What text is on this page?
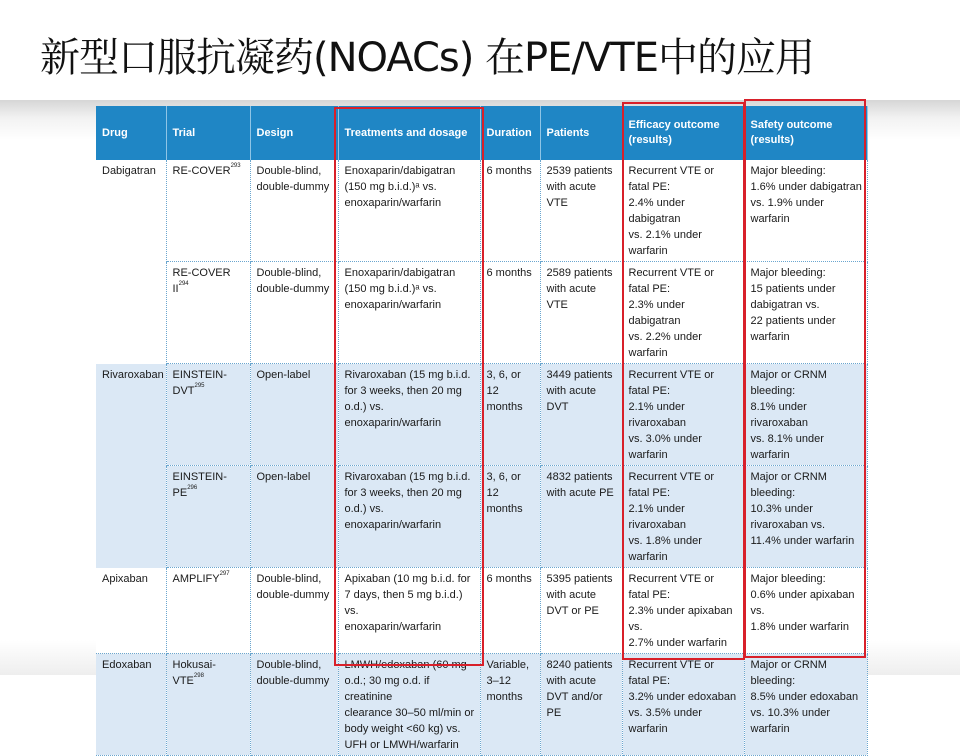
新型口服抗凝药(NOACs) 在PE/VTE中的应用
Drug	Trial	Design	Treatments and dosage	Duration	Patients	Efficacy outcome
(results)	Safety outcome
(results)
Dabigatran	RE-COVER$^{293}$	Double-blind,
double-dummy	Enoxaparin/dabigatran
(150 mg b.i.d.)ᵃ vs.
enoxaparin/warfarin	6 months	2539 patients
with acute VTE	Recurrent VTE or
fatal PE:
2.4% under dabigatran
vs. 2.1% under warfarin	Major bleeding:
1.6% under dabigatran
vs. 1.9% under warfarin
	RE-COVER II$^{294}$	Double-blind,
double-dummy	Enoxaparin/dabigatran
(150 mg b.i.d.)ᵃ vs.
enoxaparin/warfarin	6 months	2589 patients
with acute VTE	Recurrent VTE or
fatal PE:
2.3% under dabigatran
vs. 2.2% under warfarin	Major bleeding:
15 patients under
dabigatran vs.
22 patients under
warfarin
Rivaroxaban	EINSTEIN-
DVT$^{295}$	Open-label	Rivaroxaban (15 mg b.i.d.
for 3 weeks, then 20 mg
o.d.) vs. enoxaparin/warfarin	3, 6, or
12 months	3449 patients
with acute
DVT	Recurrent VTE or
fatal PE:
2.1% under rivaroxaban
vs. 3.0% under warfarin	Major or CRNM
bleeding:
8.1% under rivaroxaban
vs. 8.1% under warfarin
	EINSTEIN-PE$^{296}$	Open-label	Rivaroxaban (15 mg b.i.d.
for 3 weeks, then 20 mg
o.d.) vs. enoxaparin/warfarin	3, 6, or
12 months	4832 patients
with acute PE	Recurrent VTE or
fatal PE:
2.1% under rivaroxaban
vs. 1.8% under warfarin	Major or CRNM
bleeding:
10.3% under
rivaroxaban vs.
11.4% under warfarin
Apixaban	AMPLIFY$^{297}$	Double-blind,
double-dummy	Apixaban (10 mg b.i.d. for
7 days, then 5 mg b.i.d.) vs.
enoxaparin/warfarin	6 months	5395 patients
with acute
DVT or PE	Recurrent VTE or
fatal PE:
2.3% under apixaban vs.
2.7% under warfarin	Major bleeding:
0.6% under apixaban vs.
1.8% under warfarin
Edoxaban	Hokusai-VTE$^{298}$	Double-blind,
double-dummy	LMWH/edoxaban (60 mg
o.d.; 30 mg o.d. if creatinine
clearance 30–50 ml/min or
body weight <60 kg) vs.
UFH or LMWH/warfarin	Variable,
3–12
months	8240 patients
with acute
DVT and/or PE	Recurrent VTE or
fatal PE:
3.2% under edoxaban
vs. 3.5% under warfarin	Major or CRNM
bleeding:
8.5% under edoxaban
vs. 10.3% under warfarin
